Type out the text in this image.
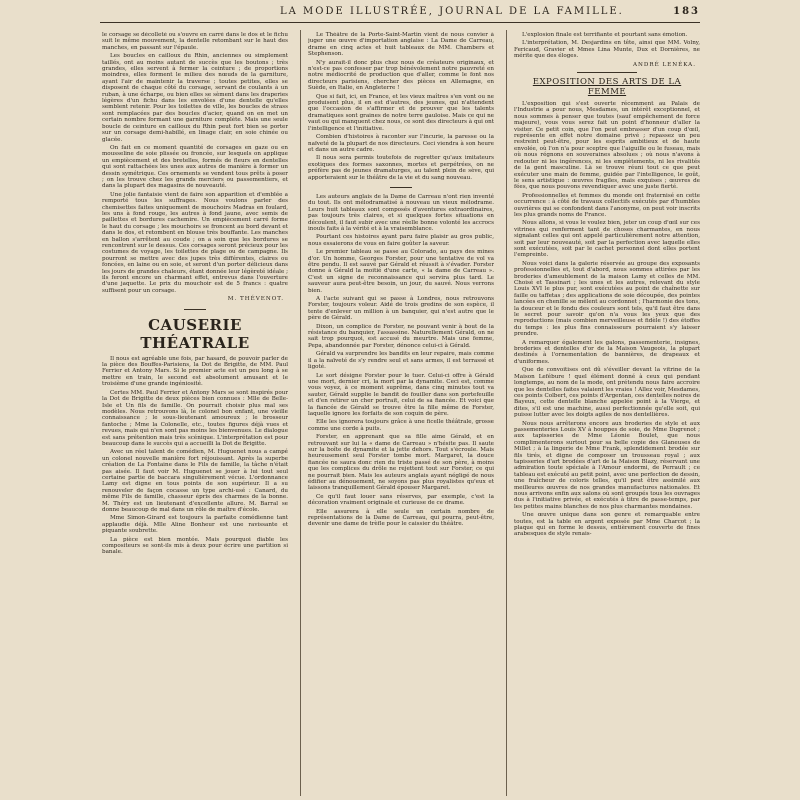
LA MODE ILLUSTRÉE, JOURNAL DE LA FAMILLE.	183

le corsage se décolleté ou s'ouvre en carré dans le dos et le fichu suit le même mouvement, la dentelle retombant sur le haut des manches, en passant sur l'épaule.

Les boucles en cailloux du Rhin, anciennes ou simplement taillés, ont au moins autant de succès que les boutons ; très grandes, elles servent à fermer la ceinture ; de proportions moindres, elles forment le milieu des nœuds de la garniture, ayant l'air de maintenir la traverse ; toutes petites, elles se disposent de chaque côté du corsage, servant de coulants à un ruban, à une écharpe, ou bien elles se sèment dans les draperies légères d'un fichu dans les envolées d'une dentelle qu'elles semblent retenir. Pour les toilettes de ville, les boucles de strass sont remplacées par des boucles d'acier, quand on en met un certain nombre formant une garniture complète. Mais une seule boucle de ceinture en cailloux du Rhin peut fort bien se porter sur un corsage demi-habillé, en linage clair, en soie chinée ou glacée.

On fait en ce moment quantité de corsages en gaze ou en mousseline de soie plissée ou froncée, sur lesquels on applique un empiècement et des bretelles, formés de fleurs en dentelles qui sont rattachées les unes aux autres de manière à former un dessin symétrique. Ces ornements se vendent tous prêts à poser ; on les trouve chez les grands merciers ou passementiers, et dans la plupart des magasins de nouveauté.

Une jolie fantaisie vient de faire son apparition et d'emblée a remporté tous les suffrages. Nous voulons parler des chemisettes faites uniquement de mouchoirs Madras en foulard, les uns à fond rouge, les autres à fond jaune, avec semis de paillettes et bordures cachemire. Un empiècement carré forme le haut du corsage ; les mouchoirs se froncent au bord devant et dans le dos, et retombent en blouse très bouffante. Les manches en ballon s'arrêtent au coude ; on a soin que les bordures se rencontrent sur le dessus. Ces corsages seront précieux pour les costumes de voyage, les toilettes de plage ou de campagne. Ils pourront se mettre avec des jupes très différentes, claires ou foncées, en laine ou en soie, et seront d'un porter délicieux dans les jours de grandes chaleurs, étant donnée leur légèreté idéale ; ils feront encore un charmant effet, entrevus dans l'ouverture d'une jaquette. Le prix du mouchoir est de 5 francs : quatre suffisent pour un corsage.

M. THÉVENOT.
CAUSERIE THÉATRALE

Il nous est agréable une fois, par hasard, de pouvoir parler de la pièce des Bouffes-Parisiens, la Dot de Brigitte, de MM. Paul Ferrier et Antony Mars. Si le premier acte est un peu long à se mettre en train, le second est absolument amusant et le troisième d'une grande ingéniosité.

Certes MM. Paul Ferrier et Antony Mars se sont inspirés pour la Dot de Brigitte de deux pièces bien connues : Mlle de Belle-Isle et Un fils de famille. On pourrait choisir plus mal ses modèles. Nous retrouvons là, le colonel bon enfant, une vieille connaissance ; le sous-lieutenant amoureux ; le brosseur fantoche ; Mme la Colonelle, etc., toutes figures déjà vues et revues, mais qui n'en sont pas moins les bienvenues. Le dialogue est sans prétention mais très scénique. L'interprétation est pour beaucoup dans le succès qui a accueilli la Dot de Brigitte.

Avec un réel talent de comédien, M. Huguenet nous a campé un colonel nouvelle manière fort réjouissant. Après la superbe création de La Fontaine dans le Fils de famille, la tâche n'était pas aisée. Il faut voir M. Huguenet se jouer à lui tout seul certaine partie de baccara singulièrement vécue. L'ordonnance Lamy est digne en tous points de son supérieur. Il a su renouveler de façon cocasse un type archi-usé : Canard, du même Fils de famille, chasseur épris des charmes de la bonne. M. Théry est un lieutenant d'excellente allure. M. Barral se donne beaucoup de mal dans un rôle de maître d'école.

Mme Simon-Girard est toujours la parfaite comédienne tant applaudie déjà. Mlle Aline Bonheur est une ravissante et piquante soubrette.

La pièce est bien montée. Mais pourquoi diable les compositeurs se sont-ils mis à deux pour écrire une partition si banale.

Le Théâtre de la Porte-Saint-Martin vient de nous convier à juger une œuvre d'importation anglaise : La Dame de Carreau, drame en cinq actes et huit tableaux de MM. Chambers et Stephenson.

N'y aurait-il donc plus chez nous de créateurs originaux, et n'est-ce pas confesser par trop bénévolement notre pauvreté en notre médiocrité de production que d'aller, comme le font nos directeurs parisiens, chercher des pièces en Allemagne, en Suède, en Italie, en Angleterre !

Que si fait, ici, en France, et les vieux maîtres s'en vont ou ne produisent plus, il en est d'autres, des jeunes, qui n'attendent que l'occasion de s'affirmer et de prouver que les talents dramatiques sont graines de notre terre gauloise. Mais ce qui ne vaut ou qui manquent chez nous, ce sont des directeurs à qui ont l'intelligence et l'initiative.

Combien d'histoires à raconter sur l'incurie, la paresse ou la naïveté de la plupart de nos directeurs. Ceci viendra à son heure et dans un autre cadre.

Il nous sera permis toutefois de regretter qu'aux imitateurs exotiques des formes saxonnes, mortes et perpétrées, on ne préfère pas de jeunes dramaturges, au talent plein de sève, qui apporteraient sur le théâtre de la vie et du sang nouveau.

Les auteurs anglais de la Dame de Carreau n'ont rien inventé du tout. Ils ont mélodramatisé à nouveau un vieux mélodrame. Leurs huit tableaux sont composés d'aventures extraordinaires, pas toujours très claires, et si quelques fortes situations en découlent, il faut subir avec une réelle bonne volonté les accrocs inouïs faits à la vérité et à la vraisemblance.

Pourtant ces histoires ayant paru faire plaisir au gros public, nous essaierons de vous en faire goûter la saveur.

Le premier tableau se passe au Colorado, au pays des mines d'or. Un homme, Georges Forster, pour une tentative de vol va être pendu. Il est sauvé par Gérald et réussit à s'évader. Forster donne à Gérald la moitié d'une carte, « la dame de Carreau ». C'est un signe de reconnaissance qui servira plus tard. Le sauveur aura peut-être besoin, un jour, du sauvé. Nous verrons bien.

A l'acte suivant qui se passe à Londres, nous retrouvons Forster, toujours voleur. Aidé de trois gredins de son espèce, il tente d'enlever un million à un banquier, qui n'est autre que le père de Gérald.

Dixon, un complice de Forster, ne pouvant venir à bout de la résistance du banquier, l'assassine. Naturellement Gérald, on ne sait trop pourquoi, est accusé du meurtre. Mais une femme, Pepa, abandonnée par Forster, dénonce celui-ci à Gérald.

Gérald va surprendre les bandits en leur repaire, mais comme il a la naïveté de s'y rendre seul et sans armes, il est terrassé et ligoté.

Le sort désigne Forster pour le tuer. Celui-ci offre à Gérald une mort, dernier cri, la mort par la dynamite. Ceci est, comme vous voyez, à ce moment suprême, dans cinq minutes tout va sauter, Gérald supplie le bandit de fouiller dans son portefeuille et d'en retirer un cher portrait, celui de sa fiancée. Et voici que la fiancée de Gérald se trouve être la fille même de Forster, laquelle ignore les forfaits de son coquin de père.

Elle les ignorera toujours grâce à une ficelle théâtrale, grosse comme une corde à puits.

Forster, en apprenant que sa fille aime Gérald, et en retrouvant sur lui la « dame de Carreau » n'hésite pas. Il saute sur la boîte de dynamite et la jette dehors. Tout s'écroule. Mais heureusement seul Forster tombe mort. Margaret, la douce fiancée ne saura donc rien du triste passé de son père, à moins que les complices du drôle ne rejettent tout sur Forster, ce qui ne pourrait bien. Mais les auteurs anglais ayant négligé de nous édifier au dénouement, ne soyons pas plus royalistes qu'eux et laissons tranquillement Gérald épouser Margaret.

Ce qu'il faut louer sans réserves, par exemple, c'est la décoration vraiment originale et curieuse de ce drame.

Elle assurera à elle seule un certain nombre de représentations de la Dame de Carreau, qui pourra, peut-être, devenir une dame de trèfle pour le caissier du théâtre.

L'explosion finale est terrifiante et pourtant sans émotion.

L'interprétation, M. Desjardins en tête, ainsi que MM. Volny, Fericaud, Gravier et Mmes Lina Munte, Dux et Dornières, ne mérite que des éloges.

ANDRÉ LENÉKA.
EXPOSITION DES ARTS DE LA FEMME

L'exposition qui s'est ouverte récemment au Palais de l'Industrie a pour nous, Mesdames, un intérêt exceptionnel, et nous sommes à penser que toutes (sauf empêchement de force majeure), vous vous serez fait un point d'honneur d'aller la visiter. Ce petit coin, que l'on peut embrasser d'un coup d'œil, représente en effet notre domaine privé ; repassez un peu restreint peut-être, pour les esprits ambitieux et de haute envolée, où l'on n'a pour sceptre que l'aiguille ou le fuseau, mais où nous régnons en souveraines absolues ; où nous n'avons à redouter ni les ingérences, ni les empiètements, ni les rivalités de la gent masculine. Là se trouve réuni tout ce que peut exécuter une main de femme, guidée par l'intelligence, le goût, le sens artistique : œuvres fragiles, mais exquises ; œuvres de fées, que nous pouvons revendiquer avec une juste fierté.

Professionnelles et femmes du monde ont fraternisé en cette occurrence : à côté de travaux collectifs exécutés par d'humbles ouvrières qui se confondent dans l'anonyme, on peut voir inscrits les plus grands noms de France.

Nous allons, si vous le voulez bien, jeter un coup d'œil sur ces vitrines qui renferment tant de choses charmantes, en nous signalant celles qui ont appelé particulièrement notre attention, soit par leur nouveauté, soit par la perfection avec laquelle elles sont exécutées, soit par le cachet personnel dont elles portent l'empreinte.

Nous voici dans la galerie réservée au groupe des exposants professionnelles et, tout d'abord, nous sommes attirées par les broderies d'ameublement de la maison Lamy et celles de MM. Choisé et Tassinari ; les unes et les autres, relevant du style Louis XVI le plus pur, sont exécutées au point de chaînette sur faille ou taffetas ; des applications de soie découpée, des pointes lancées en chenille se mêlent au cordonnet ; l'harmonie des tons, la douceur et le fondu des couleurs sont tels, qu'il faut être dans le secret pour savoir qu'on n'a vous les yeux que des reproductions (mais combien merveilleuse et fidèle !) des étoffes du temps : les plus fins connaisseurs pourraient s'y laisser prendre.

A remarquer également les galons, passementerie, insignes, broderies et dentelles d'or de la Maison Vaugeois, la plupart destinés à l'ornementation de bannières, de drapeaux et d'uniformes.

Que de convoitises ont dû s'éveiller devant la vitrine de la Maison Lefébure ! quel élément donné à ceux qui pendant longtemps, au nom de la mode, ont prétendu nous faire accroire que les dentelles faites valaient les vraies ! Allez voir, Mesdames, ces points Colbert, ces points d'Argentan, ces dentelles noires de Bayeux, cette dentelle blanche appelée point à la Vierge, et dites, s'il est une machine, aussi perfectionnée qu'elle soit, qui puisse lutter avec les doigts agiles de nos dentellières.

Nous nous arrêterons encore aux broderies de style et aux passementeries Louis XV à houppes de soie, de Mme Dugrenot ; aux tapisseries de Mme Léonie Boulet, que nous complimenterons surtout pour sa belle copie des Glaneuses de Millet ; à la lingerie de Mme Frank, splendidement brodée sur fils tirés, et digne de composer un trousseau royal ; aux tapisseries d'art brodées d'art de la Maison Blazy, réservant une admiration toute spéciale à l'Amour endormi, de Perrault ; ce tableau est exécuté au petit point, avec une perfection de dessin, une fraîcheur de coloris telles, qu'il peut être assimilé aux meilleures œuvres de nos grandes manufactures nationales. Et nous arrivons enfin aux salons où sont groupés tous les ouvrages dus à l'initiative privée, et exécutés à titre de passe-temps, par les petites mains blanches de nos plus charmantes mondaines.

Une œuvre unique dans son genre et remarquable entre toutes, est la table en argent exposée par Mme Charcot ; la plaque qui en forme le dessus, entièrement couverte de fines arabesques de style renais-
